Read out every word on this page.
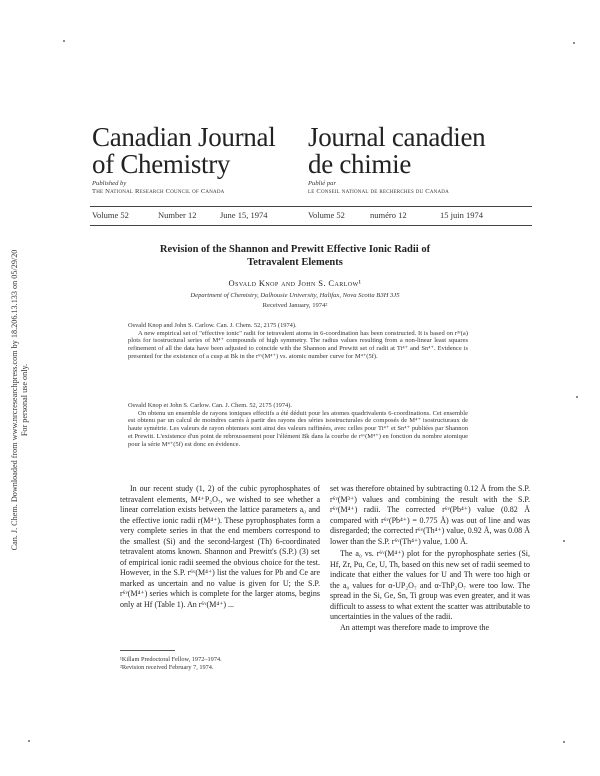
Can. J. Chem. Downloaded from www.nrcresearchpress.com by 18.206.13.133 on 05/29/20 For personal use only.
Canadian Journal
of Chemistry
Journal canadien
de chimie
Published by
The National Research Council of Canada
Publié par
le Conseil national de recherches du Canada
Volume 52	Number 12	June 15, 1974	Volume 52	numéro 12	15 juin 1974
Revision of the Shannon and Prewitt Effective Ionic Radii of
Tetravalent Elements
Osvald Knop and John S. Carlow¹
Department of Chemistry, Dalhousie University, Halifax, Nova Scotia B3H 3J5
Received January, 1974²
Osvald Knop and John S. Carlow. Can. J. Chem. 52, 2175 (1974).
A new empirical set of "effective ionic" radii for tetravalent atoms in 6-coordination has been constructed. It is based on r³ᵛ(a) plots for isostructural series of M⁴⁺ compounds of high symmetry. The radius values resulting from a non-linear least squares refinement of all the data have been adjusted to coincide with the Shannon and Prewitt set of radii at Ti⁴⁺ and Sn⁴⁺. Evidence is presented for the existence of a cusp at Bk in the r⁶ᵛ(M⁴⁺) vs. atomic number curve for M⁴⁺(5f).
Osvald Knop et John S. Carlow. Can. J. Chem. 52, 2175 (1974).
On obtenu un ensemble de rayons ioniques effectifs a été déduit pour les atomes quadrivalents 6-coordinations. Cet ensemble est obtenu par un calcul de moindres carrés à partir des rayons des séries isostructurales de composés de M⁴⁺ isostructuraux de haute symétrie. Les valeurs de rayon obtenues sont ainsi des valeurs raffinées, avec celles pour Ti⁴⁺ et Sn⁴⁺ publiées par Shannon et Prewitt. L'existence d'un point de rebroussement pour l'élément Bk dans la courbe de r⁶ᵛ(M⁴⁺) en fonction du nombre atomique pour la série M⁴⁺(5f) est donc en évidence.
In our recent study (1, 2) of the cubic pyrophosphates of tetravalent elements, M⁴⁺P₂O₇, we wished to see whether a linear correlation exists between the lattice parameters a₀ and the effective ionic radii r(M⁴⁺). These pyrophosphates form a very complete series in that the end members correspond to the smallest (Si) and the second-largest (Th) 6-coordinated tetravalent atoms known. Shannon and Prewitt's (S.P.) (3) set of empirical ionic radii seemed the obvious choice for the test. However, in the S.P. r⁶ᵛ(M⁴⁺) list the values for Pb and Ce are marked as uncertain and no value is given for U; the S.P. r⁶ᵛ(M⁴⁺) series which is complete for the larger atoms, begins only at Hf (Table 1). An r⁶ᵛ(M⁴⁺) ...
set was therefore obtained by subtracting 0.12 Å from the S.P. r⁶ᵛ(M³⁺) values and combining the result with the S.P. r⁶ᵛ(M⁴⁺) radii. The corrected r⁶ᵛ(Pb⁴⁺) value (0.82 Å compared with r⁶ᵛ(Pb⁴⁺) = 0.775 Å) was out of line and was disregarded; the corrected r⁶ᵛ(Th⁴⁺) value, 0.92 Å, was 0.08 Å lower than the S.P. r⁶ᵛ(Th⁴⁺) value, 1.00 Å.
The a₀ vs. r⁶ᵛ(M⁴⁺) plot for the pyrophosphate series (Si, Hf, Zr, Pu, Ce, U, Th, based on this new set of radii seemed to indicate that either the values for U and Th were too high or the a₀ values for α-UP₂O₇ and α-ThP₂O₇ were too low. The spread in the Si, Ge, Sn, Ti group was even greater, and it was difficult to assess to what extent the scatter was attributable to uncertainties in the values of the radii.
An attempt was therefore made to improve the
¹Killam Predoctoral Fellow, 1972–1974.
²Revision received February 7, 1974.
